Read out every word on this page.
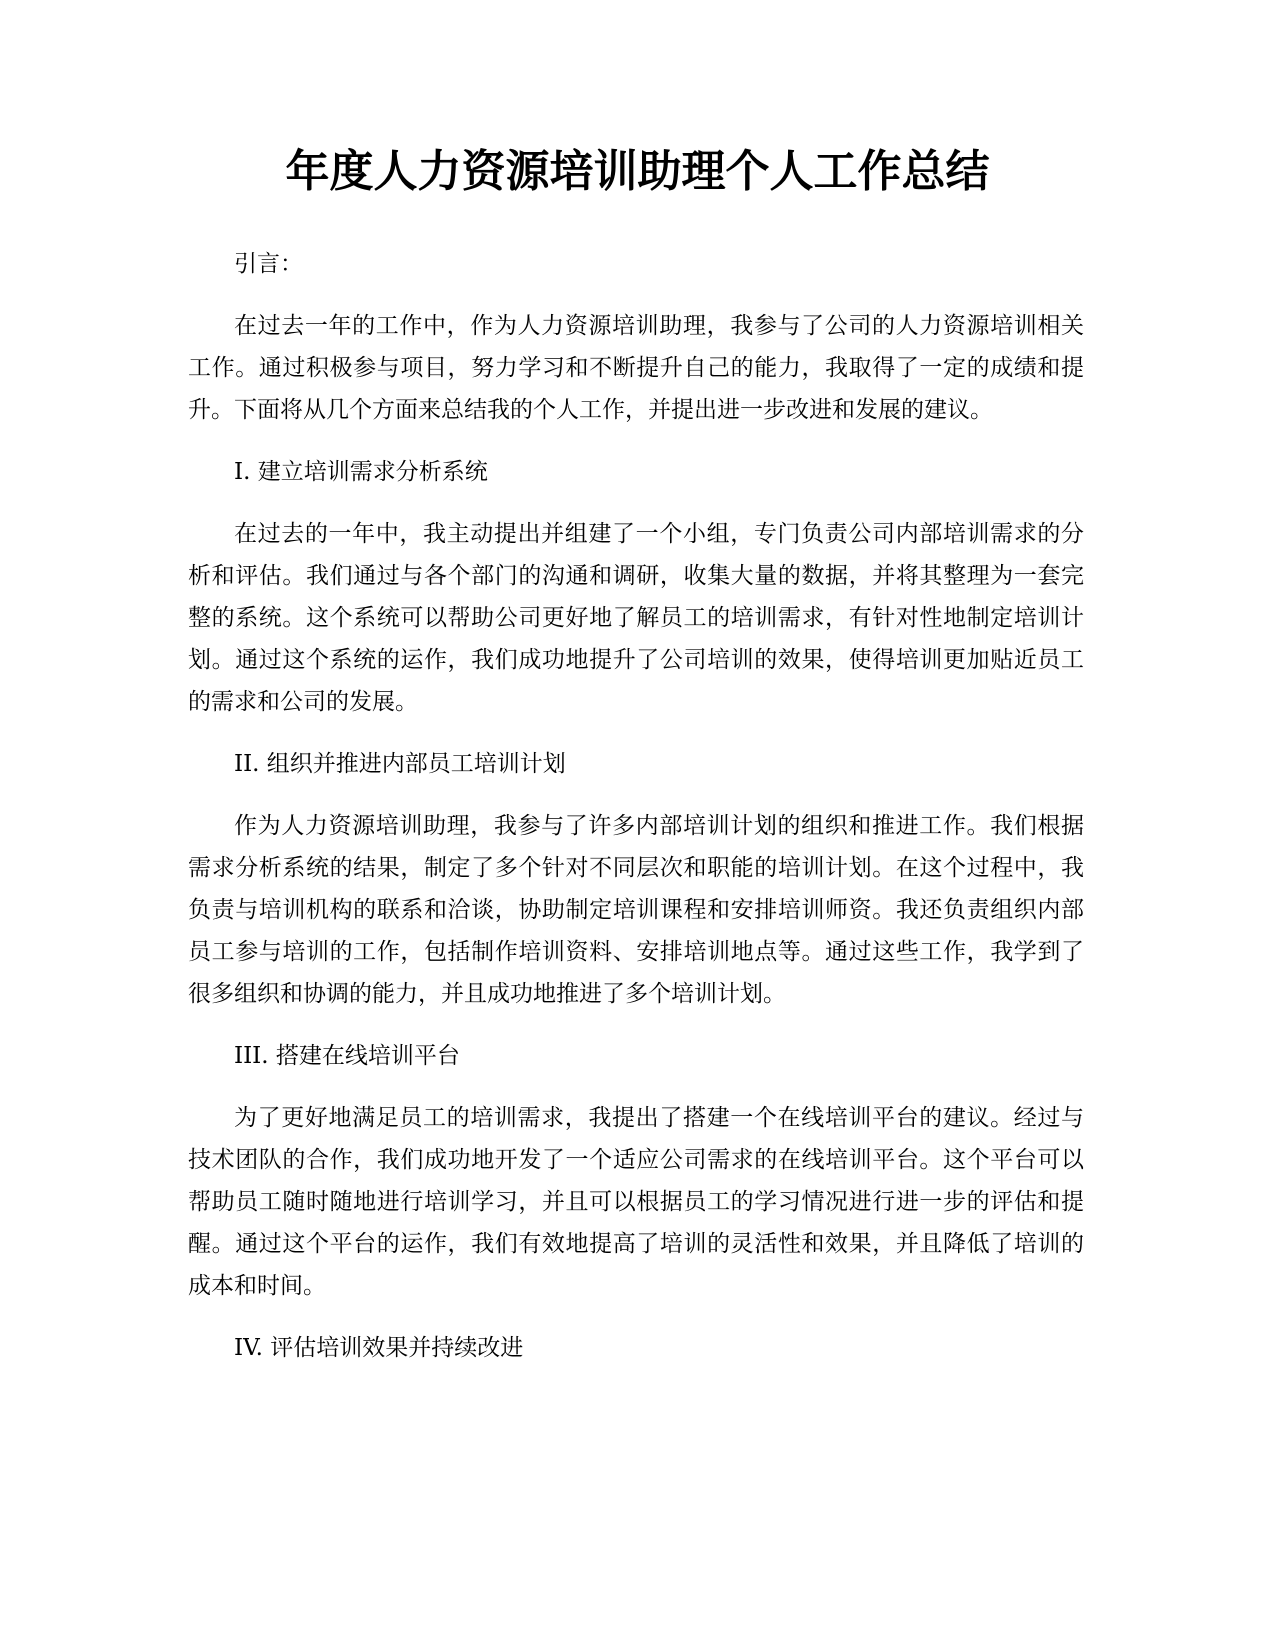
年度人力资源培训助理个人工作总结

引言：

在过去一年的工作中，作为人力资源培训助理，我参与了公司的人力资源培训相关工作。通过积极参与项目，努力学习和不断提升自己的能力，我取得了一定的成绩和提升。下面将从几个方面来总结我的个人工作，并提出进一步改进和发展的建议。

I. 建立培训需求分析系统

在过去的一年中，我主动提出并组建了一个小组，专门负责公司内部培训需求的分析和评估。我们通过与各个部门的沟通和调研，收集大量的数据，并将其整理为一套完整的系统。这个系统可以帮助公司更好地了解员工的培训需求，有针对性地制定培训计划。通过这个系统的运作，我们成功地提升了公司培训的效果，使得培训更加贴近员工的需求和公司的发展。

II. 组织并推进内部员工培训计划

作为人力资源培训助理，我参与了许多内部培训计划的组织和推进工作。我们根据需求分析系统的结果，制定了多个针对不同层次和职能的培训计划。在这个过程中，我负责与培训机构的联系和洽谈，协助制定培训课程和安排培训师资。我还负责组织内部员工参与培训的工作，包括制作培训资料、安排培训地点等。通过这些工作，我学到了很多组织和协调的能力，并且成功地推进了多个培训计划。

III. 搭建在线培训平台

为了更好地满足员工的培训需求，我提出了搭建一个在线培训平台的建议。经过与技术团队的合作，我们成功地开发了一个适应公司需求的在线培训平台。这个平台可以帮助员工随时随地进行培训学习，并且可以根据员工的学习情况进行进一步的评估和提醒。通过这个平台的运作，我们有效地提高了培训的灵活性和效果，并且降低了培训的成本和时间。

IV. 评估培训效果并持续改进
